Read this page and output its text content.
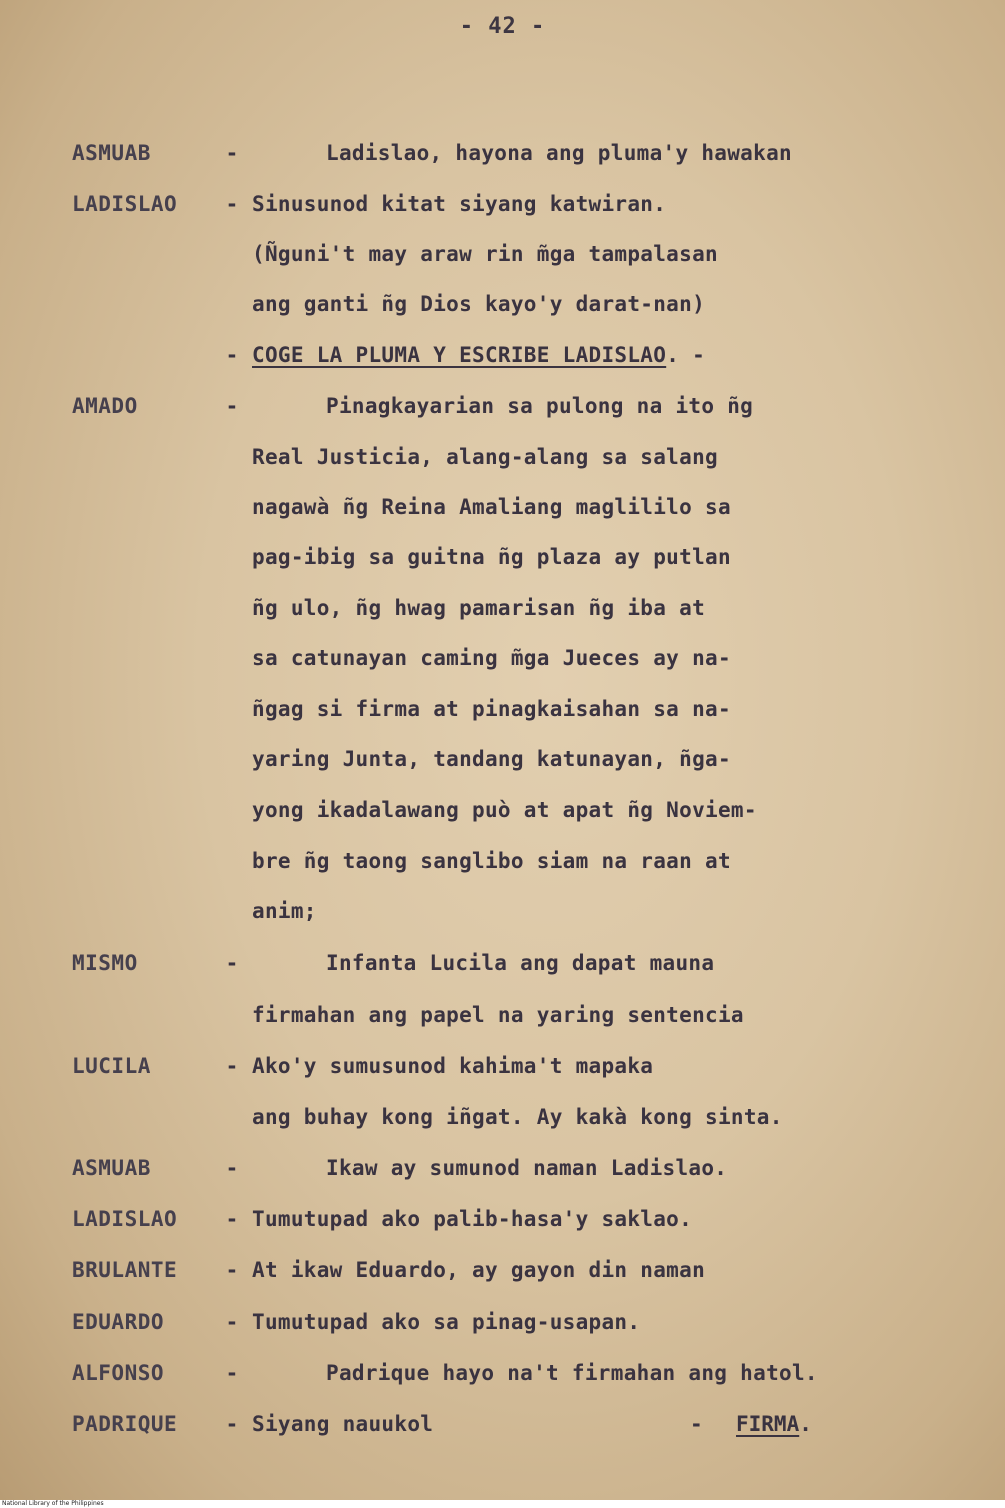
- 42 -
ASMUAB	-	Ladislao, hayona ang pluma'y hawakan
LADISLAO	- Sinusunod kitat siyang katwiran.
(Ñguni't may araw rin m̃ga tampalasan
ang ganti ñg Dios kayo'y darat-nan)
- COGE LA PLUMA Y ESCRIBE LADISLAO. -
AMADO	-	Pinagkayarian sa pulong na ito ñg
Real Justicia, alang-alang sa salang
nagawà ñg Reina Amaliang maglililo sa
pag-ibig sa guitna ñg plaza ay putlan
ñg ulo, ñg hwag pamarisan ñg iba at
sa catunayan caming m̃ga Jueces ay na-
ñgag si firma at pinagkaisahan sa na-
yaring Junta, tandang katunayan, ñga-
yong ikadalawang può at apat ñg Noviem-
bre ñg taong sanglibo siam na raan at
anim;
MISMO	-	Infanta Lucila ang dapat mauna
firmahan ang papel na yaring sentencia
LUCILA	- Ako'y sumusunod kahima't mapaka
ang buhay kong iñgat. Ay kakà kong sinta.
ASMUAB	-	Ikaw ay sumunod naman Ladislao.
LADISLAO	- Tumutupad ako palib-hasa'y saklao.
BRULANTE	- At ikaw Eduardo, ay gayon din naman
EDUARDO	- Tumutupad ako sa pinag-usapan.
ALFONSO	-	Padrique hayo na't firmahan ang hatol.
PADRIQUE	- Siyang nauukol	- FIRMA.
National Library of the Philippines
